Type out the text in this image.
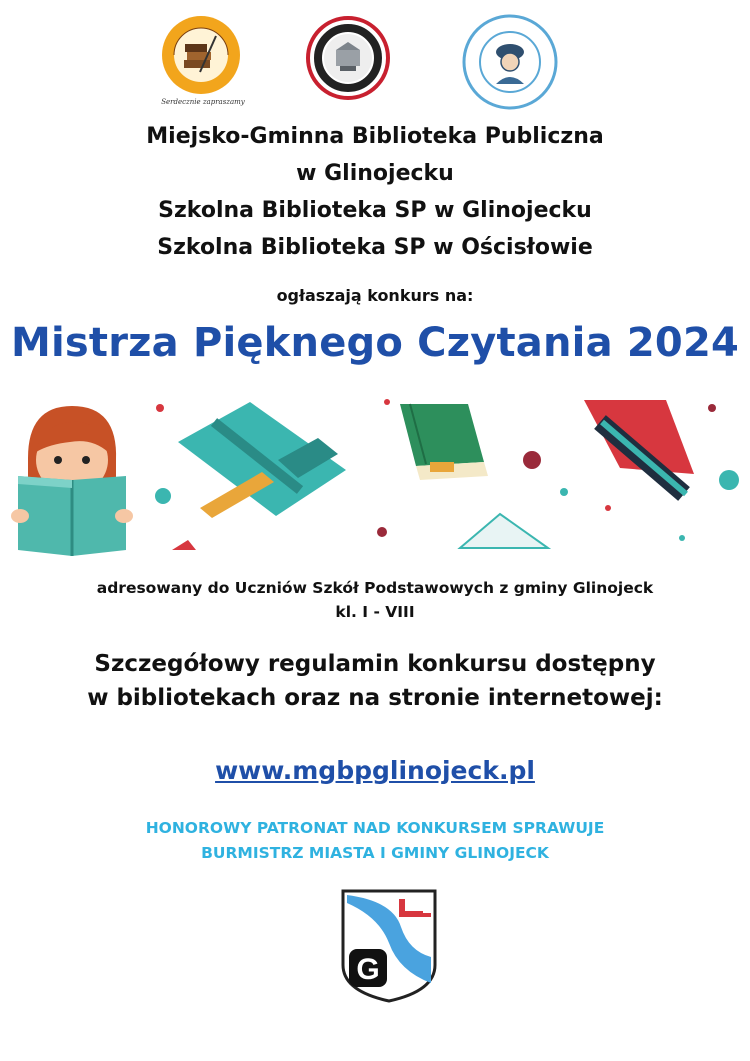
Serdecznie zapraszamy
Miejsko-Gminna Biblioteka Publiczna
w Glinojecku
Szkolna Biblioteka SP w Glinojecku
Szkolna Biblioteka SP w Ościsłowie
ogłaszają konkurs na:
Mistrza Pięknego Czytania 2024
adresowany do Uczniów Szkół Podstawowych z gminy Glinojeck
kl. I - VIII
Szczegółowy regulamin konkursu dostępny
w bibliotekach oraz na stronie internetowej:
www.mgbpglinojeck.pl
HONOROWY PATRONAT NAD KONKURSEM SPRAWUJE
BURMISTRZ MIASTA I GMINY GLINOJECK
G
